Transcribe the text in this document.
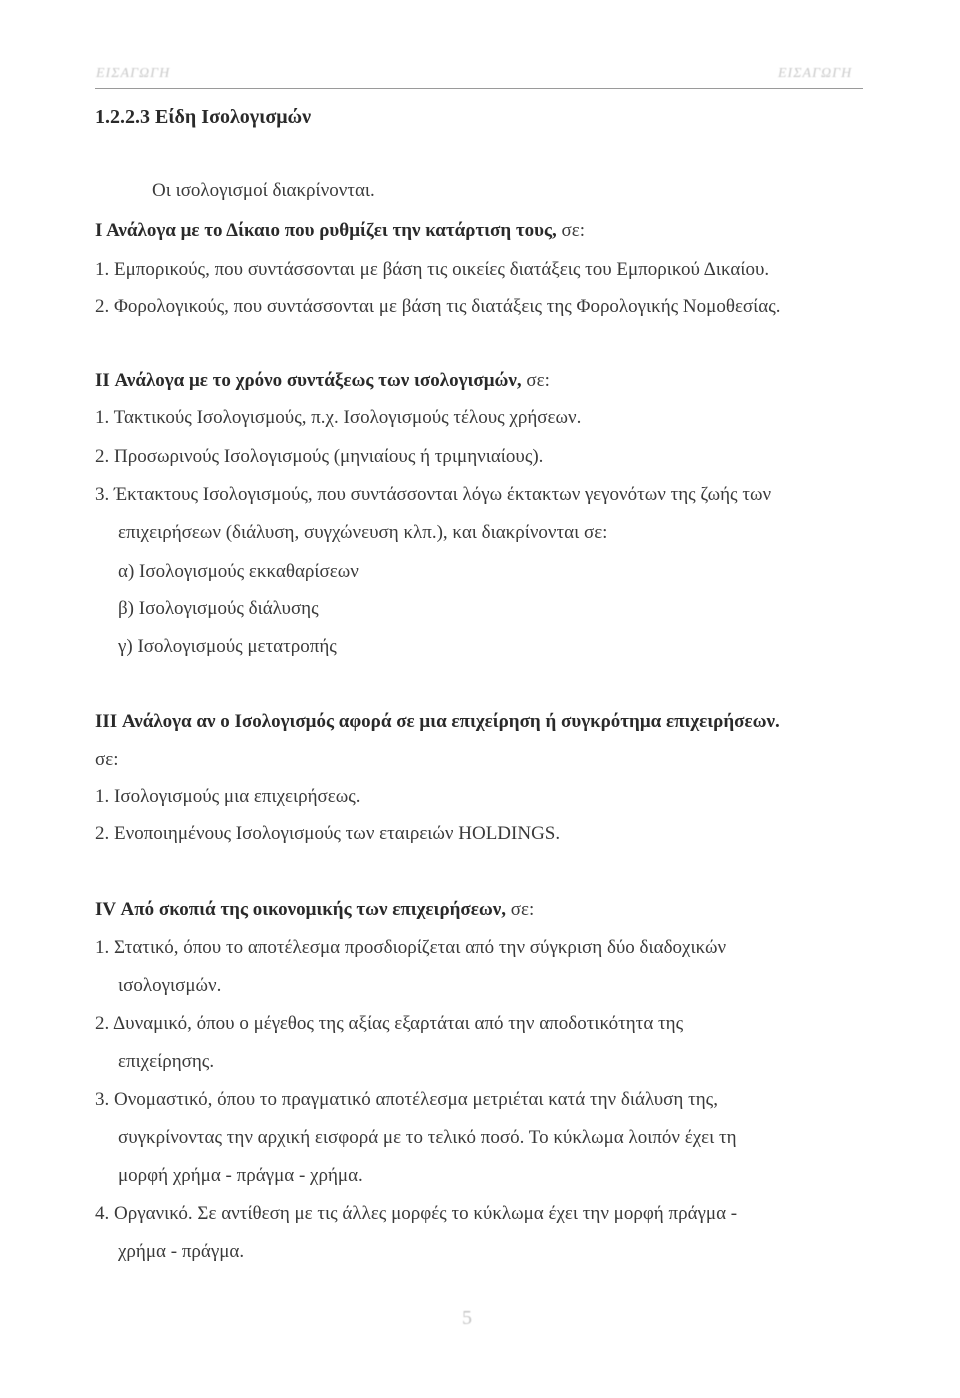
ΕΙΣΑΓΩΓΗ	ΕΙΣΑΓΩΓΗ
1.2.2.3 Είδη Ισολογισμών
Οι ισολογισμοί διακρίνονται.
Ι Ανάλογα με το Δίκαιο που ρυθμίζει την κατάρτιση τους, σε:
1. Εμπορικούς, που συντάσσονται με βάση τις οικείες διατάξεις του Εμπορικού Δικαίου.
2. Φορολογικούς, που συντάσσονται με βάση τις διατάξεις της Φορολογικής Νομοθεσίας.
II Ανάλογα με το χρόνο συντάξεως των ισολογισμών, σε:
1. Τακτικούς Ισολογισμούς, π.χ. Ισολογισμούς τέλους χρήσεων.
2. Προσωρινούς Ισολογισμούς (μηνιαίους ή τριμηνιαίους).
3. Έκτακτους Ισολογισμούς, που συντάσσονται λόγω έκτακτων γεγονότων της ζωής των
επιχειρήσεων (διάλυση, συγχώνευση κλπ.), και διακρίνονται σε:
α) Ισολογισμούς εκκαθαρίσεων
β) Ισολογισμούς διάλυσης
γ) Ισολογισμούς μετατροπής
III Ανάλογα αν ο Ισολογισμός αφορά σε μια επιχείρηση ή συγκρότημα επιχειρήσεων.
σε:
1. Ισολογισμούς μια επιχειρήσεως.
2. Ενοποιημένους Ισολογισμούς των εταιρειών HOLDINGS.
IV Από σκοπιά της οικονομικής των επιχειρήσεων, σε:
1. Στατικό, όπου το αποτέλεσμα προσδιορίζεται από την σύγκριση δύο διαδοχικών
ισολογισμών.
2. Δυναμικό, όπου ο μέγεθος της αξίας εξαρτάται από την αποδοτικότητα της
επιχείρησης.
3. Ονομαστικό, όπου το πραγματικό αποτέλεσμα μετριέται κατά την διάλυση της,
συγκρίνοντας την αρχική εισφορά με το τελικό ποσό. Το κύκλωμα λοιπόν έχει τη
μορφή χρήμα - πράγμα - χρήμα.
4. Οργανικό. Σε αντίθεση με τις άλλες μορφές το κύκλωμα έχει την μορφή πράγμα -
χρήμα - πράγμα.
5
